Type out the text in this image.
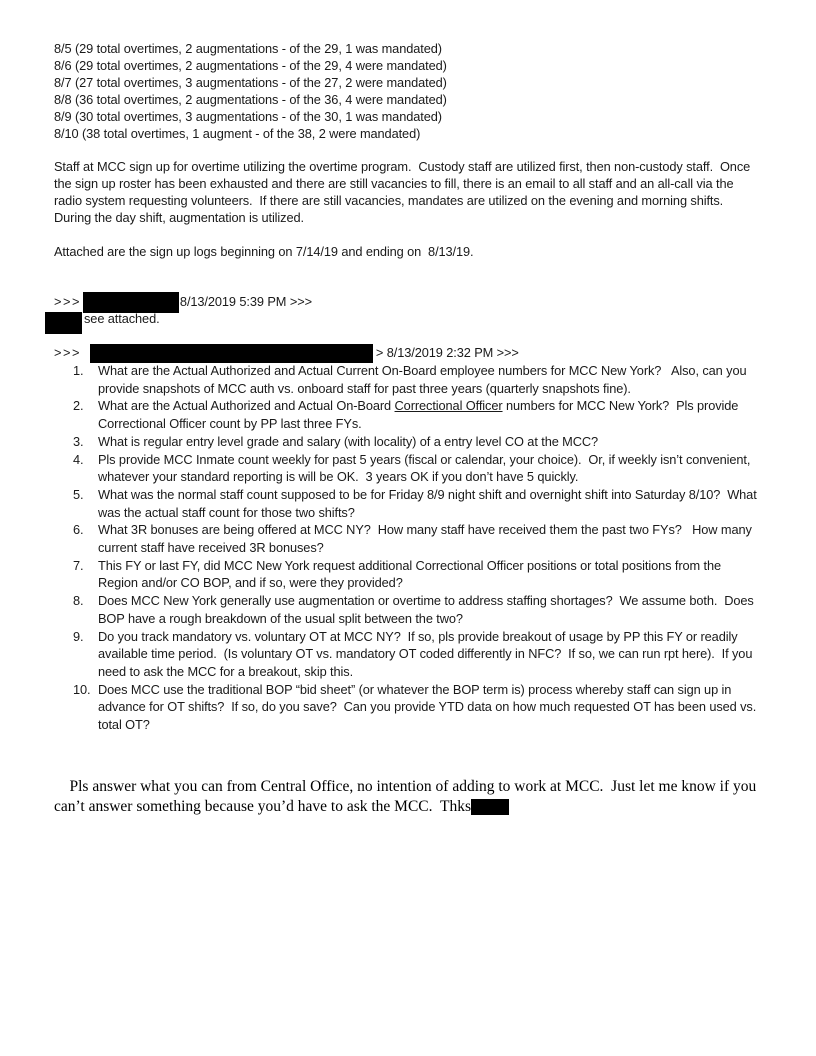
8/5 (29 total overtimes, 2 augmentations - of the 29, 1 was mandated)
8/6 (29 total overtimes, 2 augmentations - of the 29, 4 were mandated)
8/7 (27 total overtimes, 3 augmentations - of the 27, 2 were mandated)
8/8 (36 total overtimes, 2 augmentations - of the 36, 4 were mandated)
8/9 (30 total overtimes, 3 augmentations - of the 30, 1 was mandated)
8/10 (38 total overtimes, 1 augment - of the 38, 2 were mandated)
Staff at MCC sign up for overtime utilizing the overtime program.  Custody staff are utilized first, then non-custody staff.  Once the sign up roster has been exhausted and there are still vacancies to fill, there is an email to all staff and an all-call via the radio system requesting volunteers.  If there are still vacancies, mandates are utilized on the evening and morning shifts.  During the day shift, augmentation is utilized.
Attached are the sign up logs beginning on 7/14/19 and ending on  8/13/19.
>>>	8/13/2019 5:39 PM >>>
see attached.
>>>	> 8/13/2019 2:32 PM >>>
1.	What are the Actual Authorized and Actual Current On-Board employee numbers for MCC New York?   Also, can you provide snapshots of MCC auth vs. onboard staff for past three years (quarterly snapshots fine).
2.	What are the Actual Authorized and Actual On-Board Correctional Officer numbers for MCC New York?  Pls provide Correctional Officer count by PP last three FYs.
3.	What is regular entry level grade and salary (with locality) of a entry level CO at the MCC?
4.	Pls provide MCC Inmate count weekly for past 5 years (fiscal or calendar, your choice).  Or, if weekly isn’t convenient, whatever your standard reporting is will be OK.  3 years OK if you don’t have 5 quickly.
5.	What was the normal staff count supposed to be for Friday 8/9 night shift and overnight shift into Saturday 8/10?  What was the actual staff count for those two shifts?
6.	What 3R bonuses are being offered at MCC NY?  How many staff have received them the past two FYs?   How many current staff have received 3R bonuses?
7.	This FY or last FY, did MCC New York request additional Correctional Officer positions or total positions from the Region and/or CO BOP, and if so, were they provided?
8.	Does MCC New York generally use augmentation or overtime to address staffing shortages?  We assume both.  Does BOP have a rough breakdown of the usual split between the two?
9.	Do you track mandatory vs. voluntary OT at MCC NY?  If so, pls provide breakout of usage by PP this FY or readily available time period.  (Is voluntary OT vs. mandatory OT coded differently in NFC?  If so, we can run rpt here).  If you need to ask the MCC for a breakout, skip this.
10. Does MCC use the traditional BOP “bid sheet” (or whatever the BOP term is) process whereby staff can sign up in advance for OT shifts?  If so, do you save?  Can you provide YTD data on how much requested OT has been used vs. total OT?

Pls answer what you can from Central Office, no intention of adding to work at MCC.  Just let me know if you can’t answer something because you’d have to ask the MCC.  Thks
